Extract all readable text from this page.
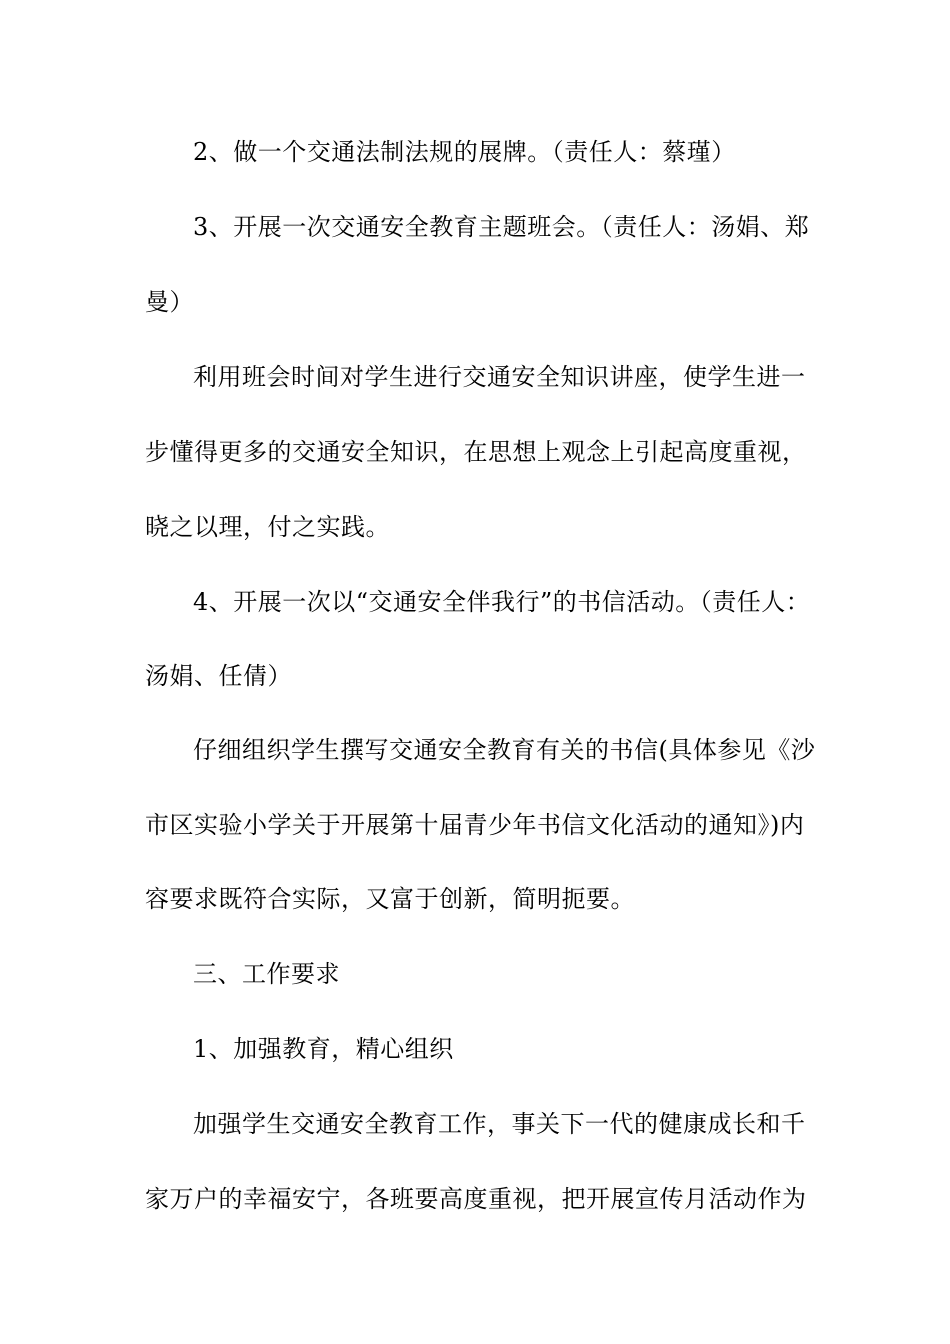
2、做一个交通法制法规的展牌。（责任人：蔡瑾）
3、开展一次交通安全教育主题班会。（责任人：汤娟、郑
曼）
利用班会时间对学生进行交通安全知识讲座，使学生进一
步懂得更多的交通安全知识，在思想上观念上引起高度重视，
晓之以理，付之实践。
4、开展一次以“交通安全伴我行”的书信活动。（责任人：
汤娟、任倩）
仔细组织学生撰写交通安全教育有关的书信(具体参见《沙
市区实验小学关于开展第十届青少年书信文化活动的通知》)内
容要求既符合实际，又富于创新，简明扼要。
三、工作要求
1、加强教育，精心组织
加强学生交通安全教育工作，事关下一代的健康成长和千
家万户的幸福安宁，各班要高度重视，把开展宣传月活动作为
